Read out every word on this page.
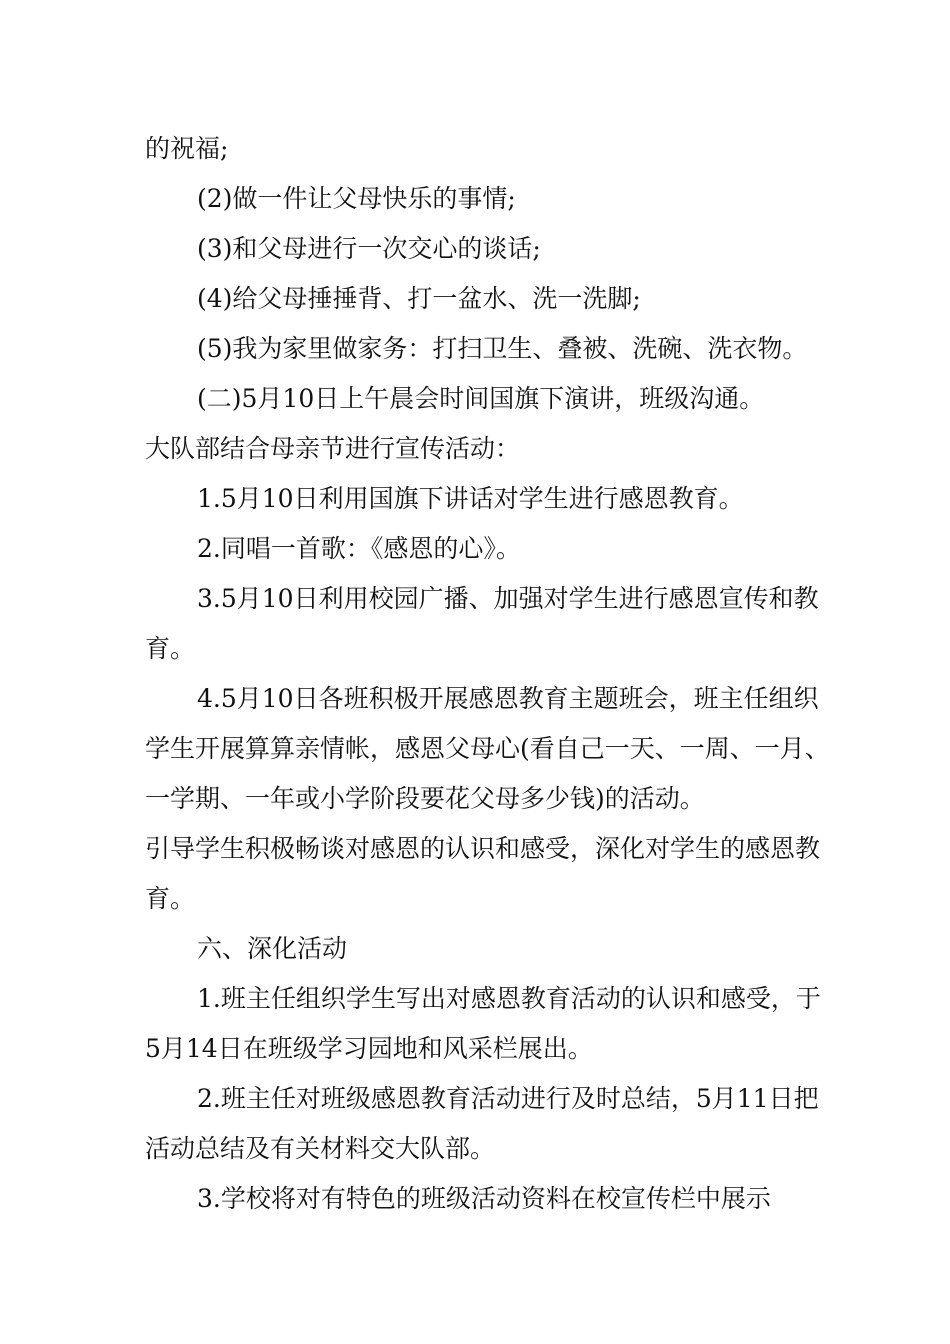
的祝福;

(2)做一件让父母快乐的事情;

(3)和父母进行一次交心的谈话;

(4)给父母捶捶背、打一盆水、洗一洗脚;

(5)我为家里做家务：打扫卫生、叠被、洗碗、洗衣物。

(二)5月10日上午晨会时间国旗下演讲，班级沟通。

大队部结合母亲节进行宣传活动：

1.5月10日利用国旗下讲话对学生进行感恩教育。

2.同唱一首歌：《感恩的心》。

3.5月10日利用校园广播、加强对学生进行感恩宣传和教育。

4.5月10日各班积极开展感恩教育主题班会，班主任组织学生开展算算亲情帐，感恩父母心(看自己一天、一周、一月、一学期、一年或小学阶段要花父母多少钱)的活动。

引导学生积极畅谈对感恩的认识和感受，深化对学生的感恩教育。

六、深化活动

1.班主任组织学生写出对感恩教育活动的认识和感受，于5月14日在班级学习园地和风采栏展出。

2.班主任对班级感恩教育活动进行及时总结，5月11日把活动总结及有关材料交大队部。

3.学校将对有特色的班级活动资料在校宣传栏中展示
